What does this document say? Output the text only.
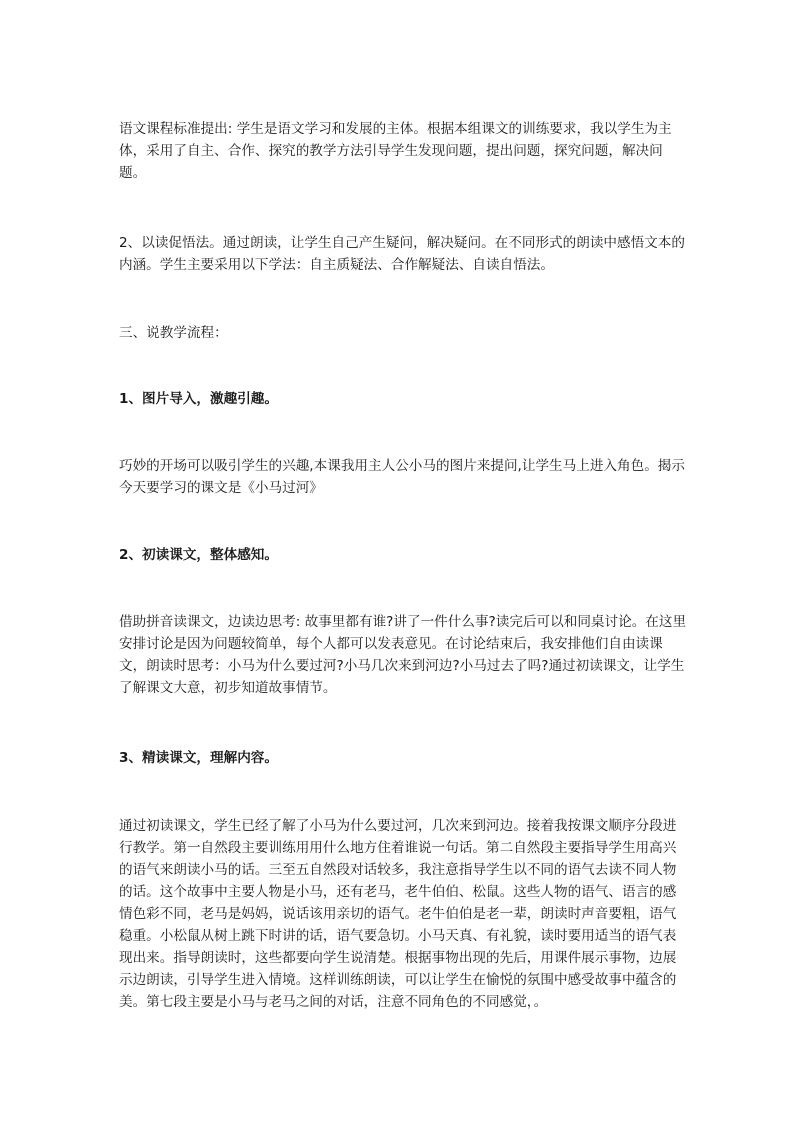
语文课程标准提出: 学生是语文学习和发展的主体。根据本组课文的训练要求，我以学生为主体，采用了自主、合作、探究的教学方法引导学生发现问题，提出问题，探究问题，解决问题。

2、以读促悟法。通过朗读，让学生自己产生疑问，解决疑问。在不同形式的朗读中感悟文本的内涵。学生主要采用以下学法：自主质疑法、合作解疑法、自读自悟法。

三、说教学流程：

1、图片导入，激趣引趣。

巧妙的开场可以吸引学生的兴趣,本课我用主人公小马的图片来提问,让学生马上进入角色。揭示今天要学习的课文是《小马过河》

2、初读课文，整体感知。

借助拼音读课文，边读边思考: 故事里都有谁?讲了一件什么事?读完后可以和同桌讨论。在这里安排讨论是因为问题较简单，每个人都可以发表意见。在讨论结束后，我安排他们自由读课文，朗读时思考：小马为什么要过河?小马几次来到河边?小马过去了吗?通过初读课文，让学生了解课文大意，初步知道故事情节。

3、精读课文，理解内容。

通过初读课文，学生已经了解了小马为什么要过河，几次来到河边。接着我按课文顺序分段进行教学。第一自然段主要训练用用什么地方住着谁说一句话。第二自然段主要指导学生用高兴的语气来朗读小马的话。三至五自然段对话较多，我注意指导学生以不同的语气去读不同人物的话。这个故事中主要人物是小马，还有老马，老牛伯伯、松鼠。这些人物的语气、语言的感情色彩不同，老马是妈妈，说话该用亲切的语气。老牛伯伯是老一辈，朗读时声音要粗，语气稳重。小松鼠从树上跳下时讲的话，语气要急切。小马天真、有礼貌，读时要用适当的语气表现出来。指导朗读时，这些都要向学生说清楚。根据事物出现的先后，用课件展示事物，边展示边朗读，引导学生进入情境。这样训练朗读，可以让学生在愉悦的氛围中感受故事中蕴含的美。第七段主要是小马与老马之间的对话，注意不同角色的不同感觉，。
